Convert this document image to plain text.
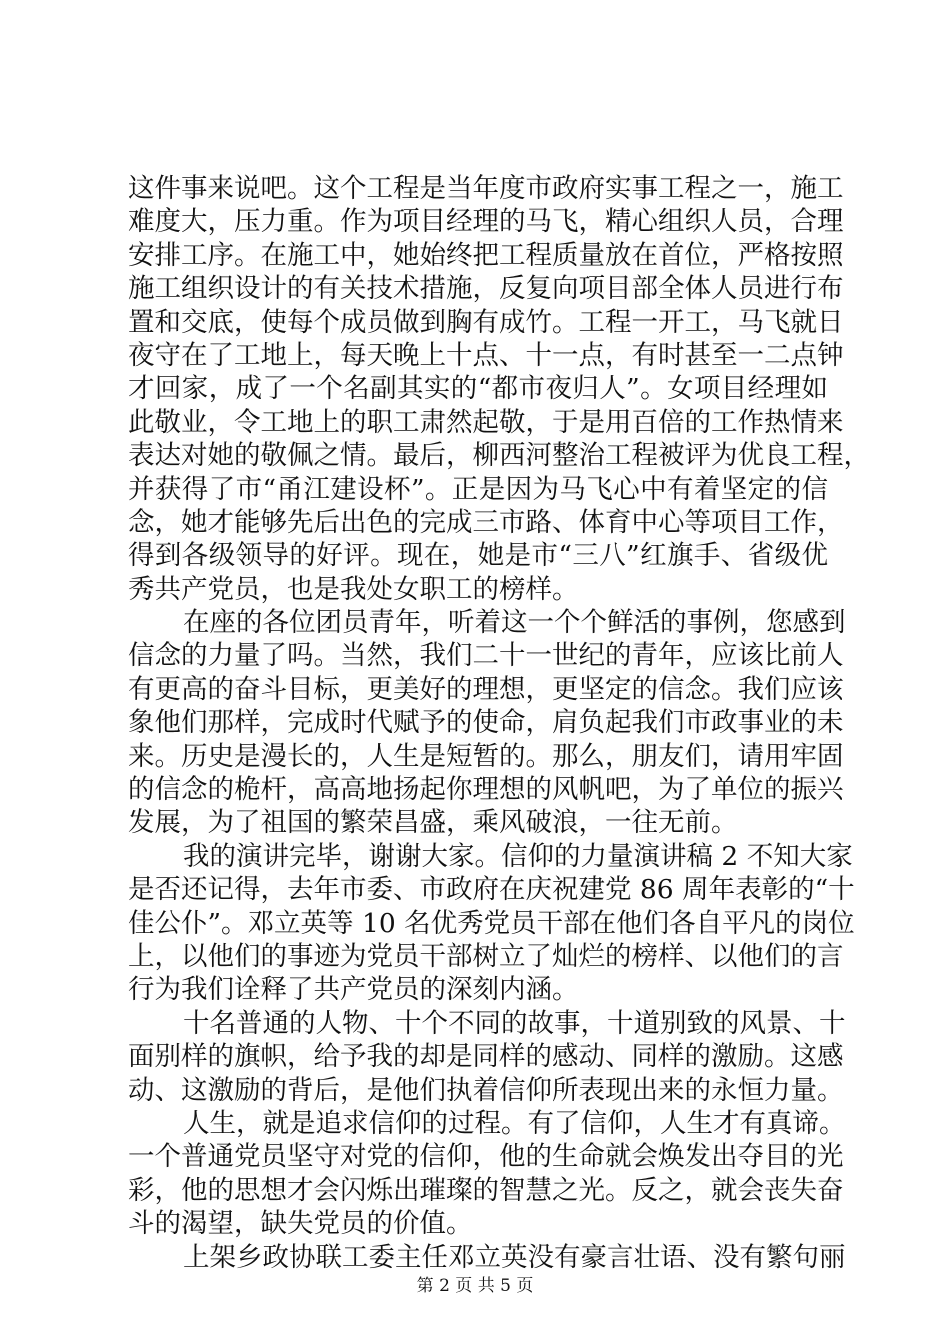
这件事来说吧。这个工程是当年度市政府实事工程之一，施工
难度大，压力重。作为项目经理的马飞，精心组织人员，合理
安排工序。在施工中，她始终把工程质量放在首位，严格按照
施工组织设计的有关技术措施，反复向项目部全体人员进行布
置和交底，使每个成员做到胸有成竹。工程一开工，马飞就日
夜守在了工地上，每天晚上十点、十一点，有时甚至一二点钟
才回家，成了一个名副其实的“都市夜归人”。女项目经理如
此敬业，令工地上的职工肃然起敬，于是用百倍的工作热情来
表达对她的敬佩之情。最后，柳西河整治工程被评为优良工程，
并获得了市“甬江建设杯”。正是因为马飞心中有着坚定的信
念，她才能够先后出色的完成三市路、体育中心等项目工作，
得到各级领导的好评。现在，她是市“三八”红旗手、省级优
秀共产党员，也是我处女职工的榜样。
在座的各位团员青年，听着这一个个鲜活的事例，您感到
信念的力量了吗。当然，我们二十一世纪的青年，应该比前人
有更高的奋斗目标，更美好的理想，更坚定的信念。我们应该
象他们那样，完成时代赋予的使命，肩负起我们市政事业的未
来。历史是漫长的，人生是短暂的。那么，朋友们，请用牢固
的信念的桅杆，高高地扬起你理想的风帆吧，为了单位的振兴
发展，为了祖国的繁荣昌盛，乘风破浪，一往无前。
我的演讲完毕，谢谢大家。信仰的力量演讲稿 2 不知大家
是否还记得，去年市委、市政府在庆祝建党 86 周年表彰的“十
佳公仆”。邓立英等 10 名优秀党员干部在他们各自平凡的岗位
上，以他们的事迹为党员干部树立了灿烂的榜样、以他们的言
行为我们诠释了共产党员的深刻内涵。
十名普通的人物、十个不同的故事，十道别致的风景、十
面别样的旗帜，给予我的却是同样的感动、同样的激励。这感
动、这激励的背后，是他们执着信仰所表现出来的永恒力量。
人生，就是追求信仰的过程。有了信仰，人生才有真谛。
一个普通党员坚守对党的信仰，他的生命就会焕发出夺目的光
彩，他的思想才会闪烁出璀璨的智慧之光。反之，就会丧失奋
斗的渴望，缺失党员的价值。
上架乡政协联工委主任邓立英没有豪言壮语、没有繁句丽
第 2 页 共 5 页
